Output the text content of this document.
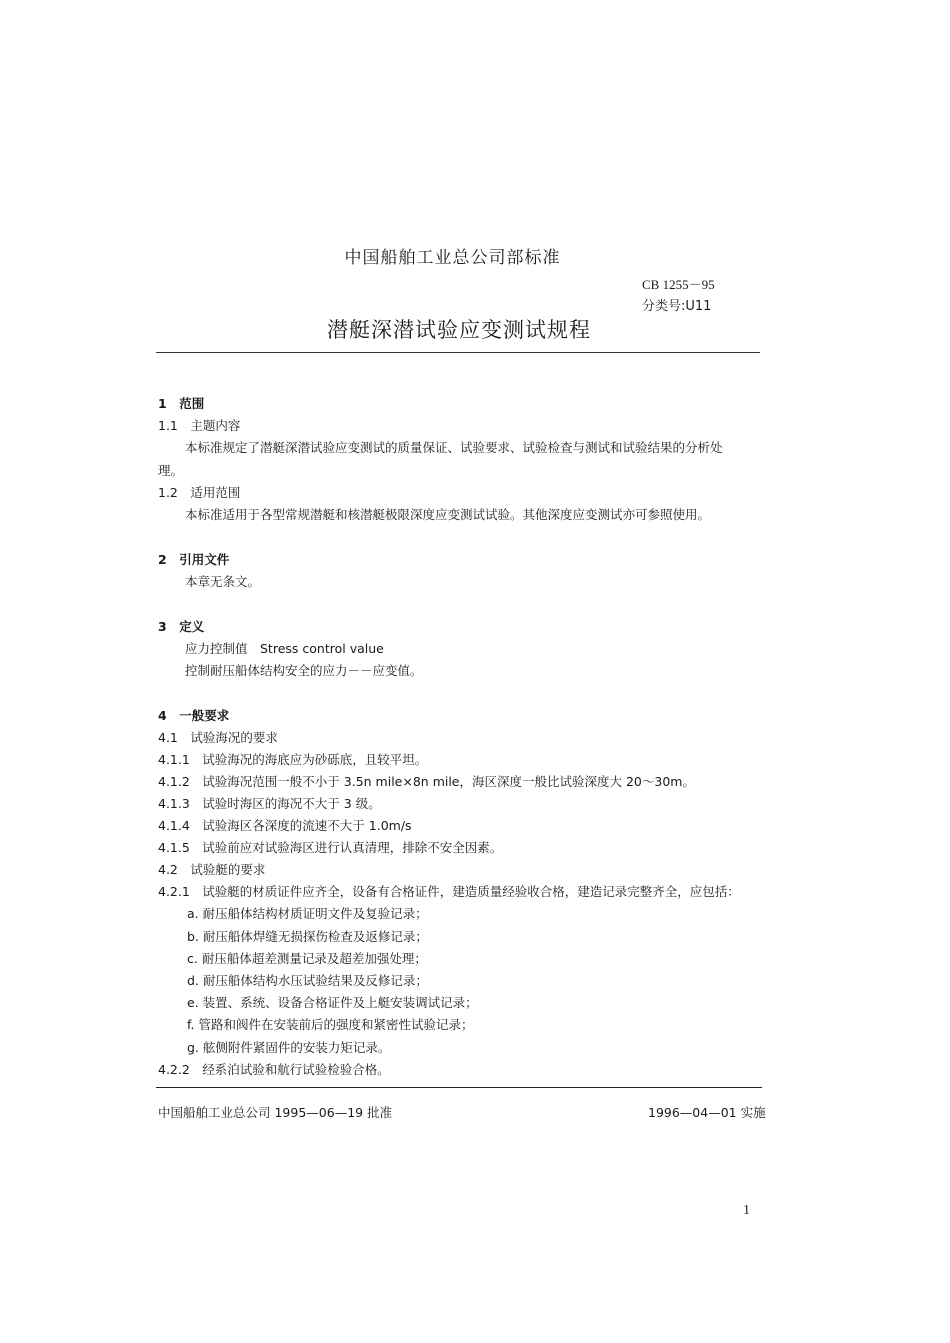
中国船舶工业总公司部标准
CB 1255－95
分类号:U11
潜艇深潜试验应变测试规程
1　范围
1.1　主题内容
本标准规定了潜艇深潜试验应变测试的质量保证、试验要求、试验检查与测试和试验结果的分析处
理。
1.2　适用范围
本标准适用于各型常规潜艇和核潜艇极限深度应变测试试验。其他深度应变测试亦可参照使用。
2　引用文件
本章无条文。
3　定义
应力控制值　Stress control value
控制耐压船体结构安全的应力－－应变值。
4　一般要求
4.1　试验海况的要求
4.1.1　试验海况的海底应为砂砾底，且较平坦。
4.1.2　试验海况范围一般不小于 3.5n mile×8n mile，海区深度一般比试验深度大 20～30m。
4.1.3　试验时海区的海况不大于 3 级。
4.1.4　试验海区各深度的流速不大于 1.0m/s
4.1.5　试验前应对试验海区进行认真清理，排除不安全因素。
4.2　试验艇的要求
4.2.1　试验艇的材质证件应齐全，设备有合格证件，建造质量经验收合格，建造记录完整齐全，应包括：
a. 耐压船体结构材质证明文件及复验记录；
b. 耐压船体焊缝无损探伤检查及返修记录；
c. 耐压船体超差测量记录及超差加强处理；
d. 耐压船体结构水压试验结果及反修记录；
e. 装置、系统、设备合格证件及上艇安装调试记录；
f. 管路和阀件在安装前后的强度和紧密性试验记录；
g. 舷侧附件紧固件的安装力矩记录。
4.2.2　经系泊试验和航行试验检验合格。
中国船舶工业总公司 1995—06—19 批准	1996—04—01 实施
1
